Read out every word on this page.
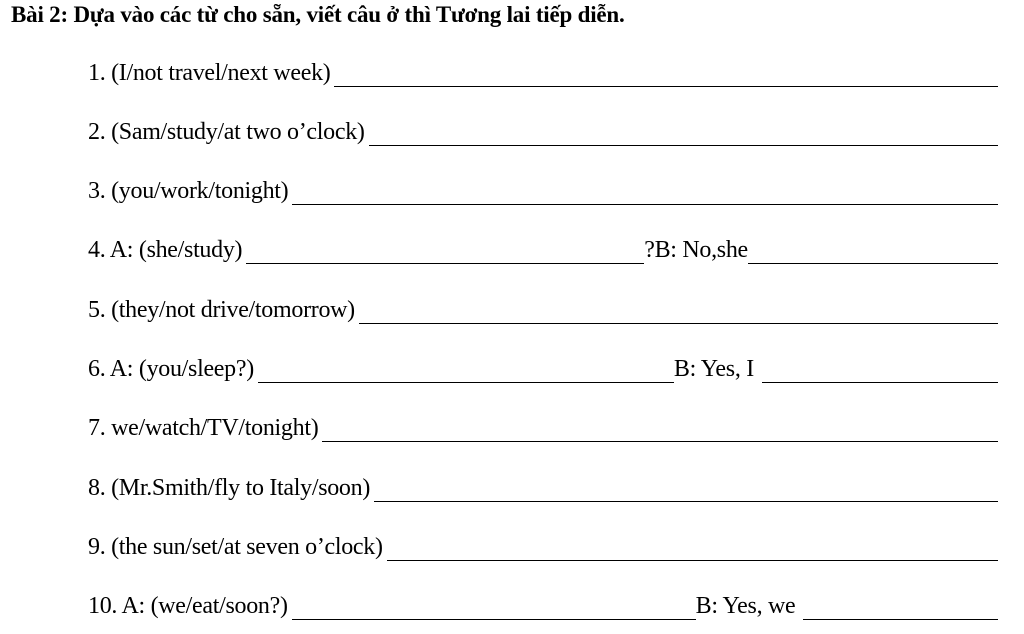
Bài 2: Dựa vào các từ cho sẵn, viết câu ở thì Tương lai tiếp diễn.
1. (I/not travel/next week)
2. (Sam/study/at two o’clock)
3. (you/work/tonight)
4. A: (she/study)	?B: No,she
5. (they/not drive/tomorrow)
6. A: (you/sleep?)	B: Yes, I
7. we/watch/TV/tonight)
8. (Mr.Smith/fly to Italy/soon)
9. (the sun/set/at seven o’clock)
10. A: (we/eat/soon?)	B: Yes, we
